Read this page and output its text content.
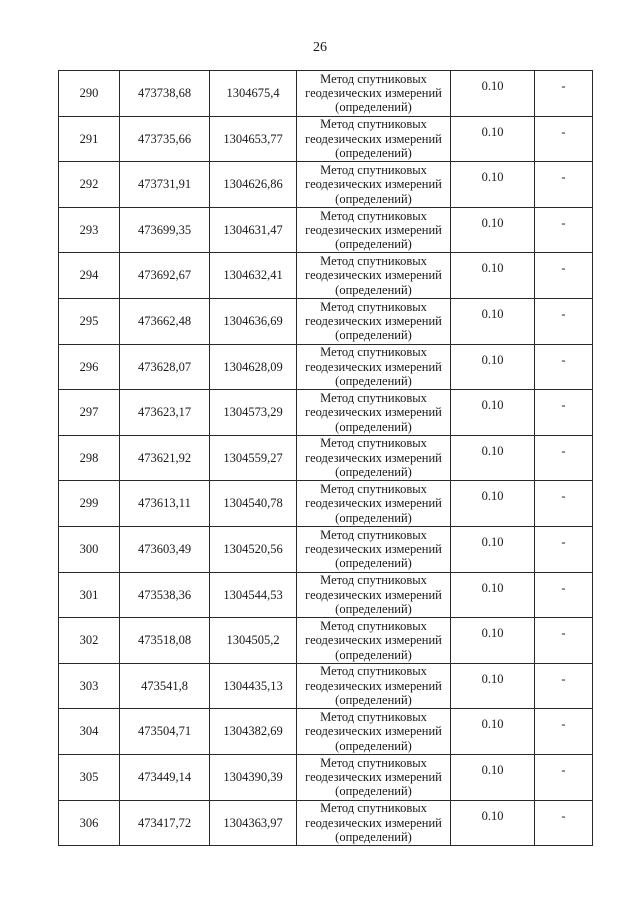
26
290	473738,68	1304675,4	Метод спутниковых
геодезических измерений
(определений)	0.10	-
291	473735,66	1304653,77	Метод спутниковых
геодезических измерений
(определений)	0.10	-
292	473731,91	1304626,86	Метод спутниковых
геодезических измерений
(определений)	0.10	-
293	473699,35	1304631,47	Метод спутниковых
геодезических измерений
(определений)	0.10	-
294	473692,67	1304632,41	Метод спутниковых
геодезических измерений
(определений)	0.10	-
295	473662,48	1304636,69	Метод спутниковых
геодезических измерений
(определений)	0.10	-
296	473628,07	1304628,09	Метод спутниковых
геодезических измерений
(определений)	0.10	-
297	473623,17	1304573,29	Метод спутниковых
геодезических измерений
(определений)	0.10	-
298	473621,92	1304559,27	Метод спутниковых
геодезических измерений
(определений)	0.10	-
299	473613,11	1304540,78	Метод спутниковых
геодезических измерений
(определений)	0.10	-
300	473603,49	1304520,56	Метод спутниковых
геодезических измерений
(определений)	0.10	-
301	473538,36	1304544,53	Метод спутниковых
геодезических измерений
(определений)	0.10	-
302	473518,08	1304505,2	Метод спутниковых
геодезических измерений
(определений)	0.10	-
303	473541,8	1304435,13	Метод спутниковых
геодезических измерений
(определений)	0.10	-
304	473504,71	1304382,69	Метод спутниковых
геодезических измерений
(определений)	0.10	-
305	473449,14	1304390,39	Метод спутниковых
геодезических измерений
(определений)	0.10	-
306	473417,72	1304363,97	Метод спутниковых
геодезических измерений
(определений)	0.10	-
